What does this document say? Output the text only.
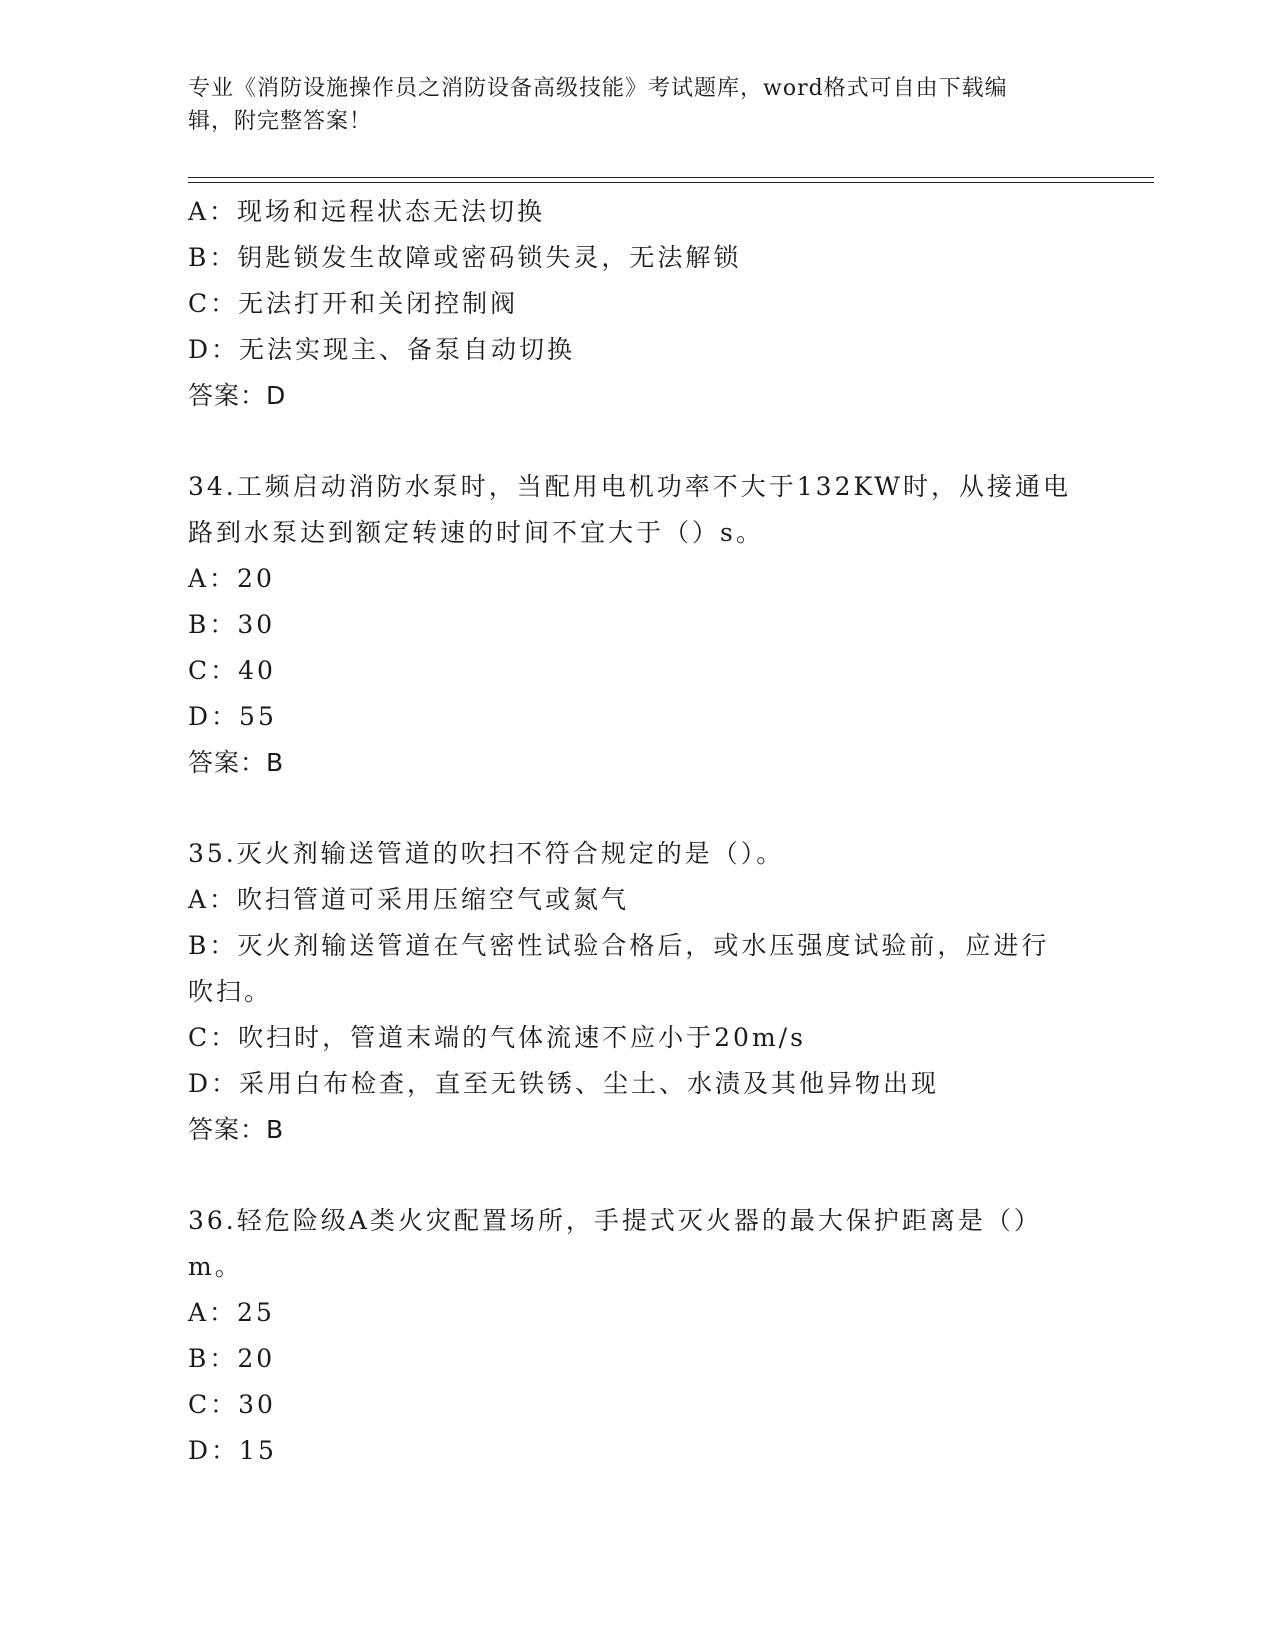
专业《消防设施操作员之消防设备高级技能》考试题库，word格式可自由下载编
辑，附完整答案！
A：现场和远程状态无法切换
B：钥匙锁发生故障或密码锁失灵，无法解锁
C：无法打开和关闭控制阀
D：无法实现主、备泵自动切换
答案：D
34.工频启动消防水泵时，当配用电机功率不大于132KW时，从接通电
路到水泵达到额定转速的时间不宜大于（）s。
A：20
B：30
C：40
D：55
答案：B
35.灭火剂输送管道的吹扫不符合规定的是（）。
A：吹扫管道可采用压缩空气或氮气
B：灭火剂输送管道在气密性试验合格后，或水压强度试验前，应进行
吹扫。
C：吹扫时，管道末端的气体流速不应小于20m/s
D：采用白布检查，直至无铁锈、尘土、水渍及其他异物出现
答案：B
36.轻危险级A类火灾配置场所，手提式灭火器的最大保护距离是（）
m。
A：25
B：20
C：30
D：15
